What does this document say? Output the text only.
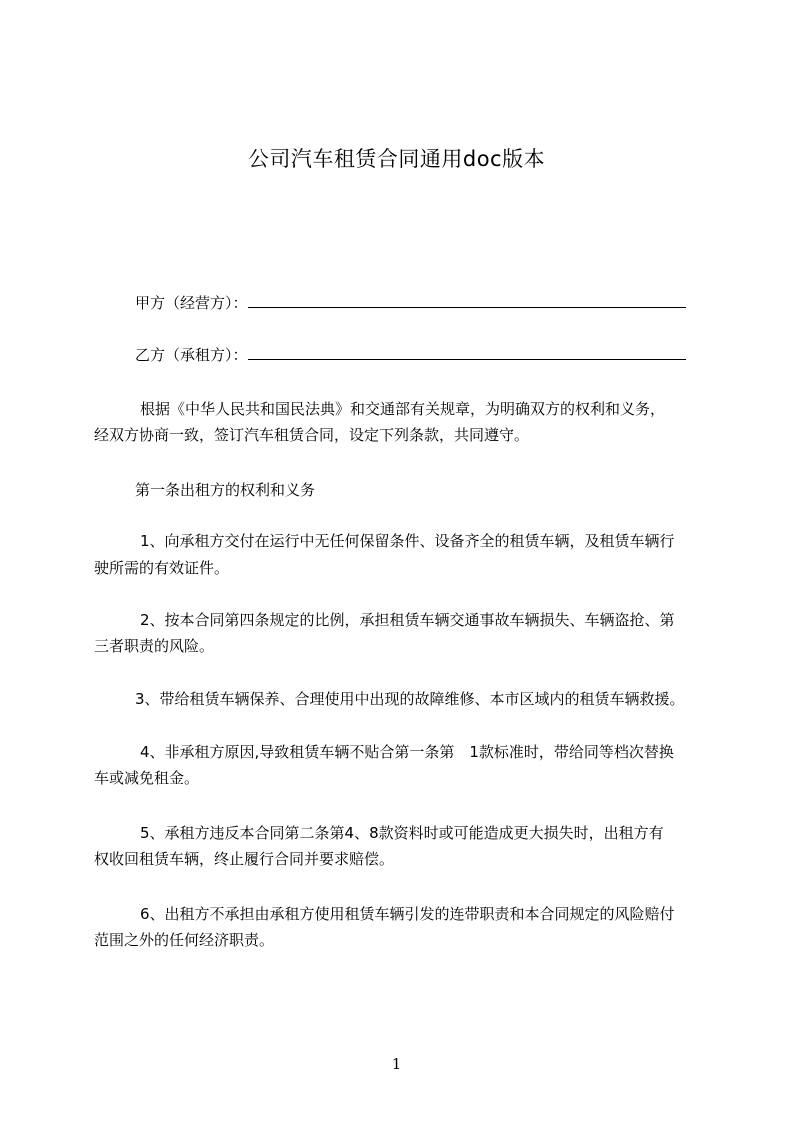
公司汽车租赁合同通用doc版本
甲方（经营方）：
乙方（承租方）：
根据《中华人民共和国民法典》和交通部有关规章，为明确双方的权利和义务，
经双方协商一致，签订汽车租赁合同，设定下列条款，共同遵守。
第一条出租方的权利和义务
1、向承租方交付在运行中无任何保留条件、设备齐全的租赁车辆，及租赁车辆行
驶所需的有效证件。
2、按本合同第四条规定的比例，承担租赁车辆交通事故车辆损失、车辆盗抢、第
三者职责的风险。
3、带给租赁车辆保养、合理使用中出现的故障维修、本市区域内的租赁车辆救援。
4、非承租方原因,导致租赁车辆不贴合第一条第　1款标准时，带给同等档次替换
车或减免租金。
5、承租方违反本合同第二条第4、8款资料时或可能造成更大损失时，出租方有
权收回租赁车辆，终止履行合同并要求赔偿。
6、出租方不承担由承租方使用租赁车辆引发的连带职责和本合同规定的风险赔付
范围之外的任何经济职责。
1
